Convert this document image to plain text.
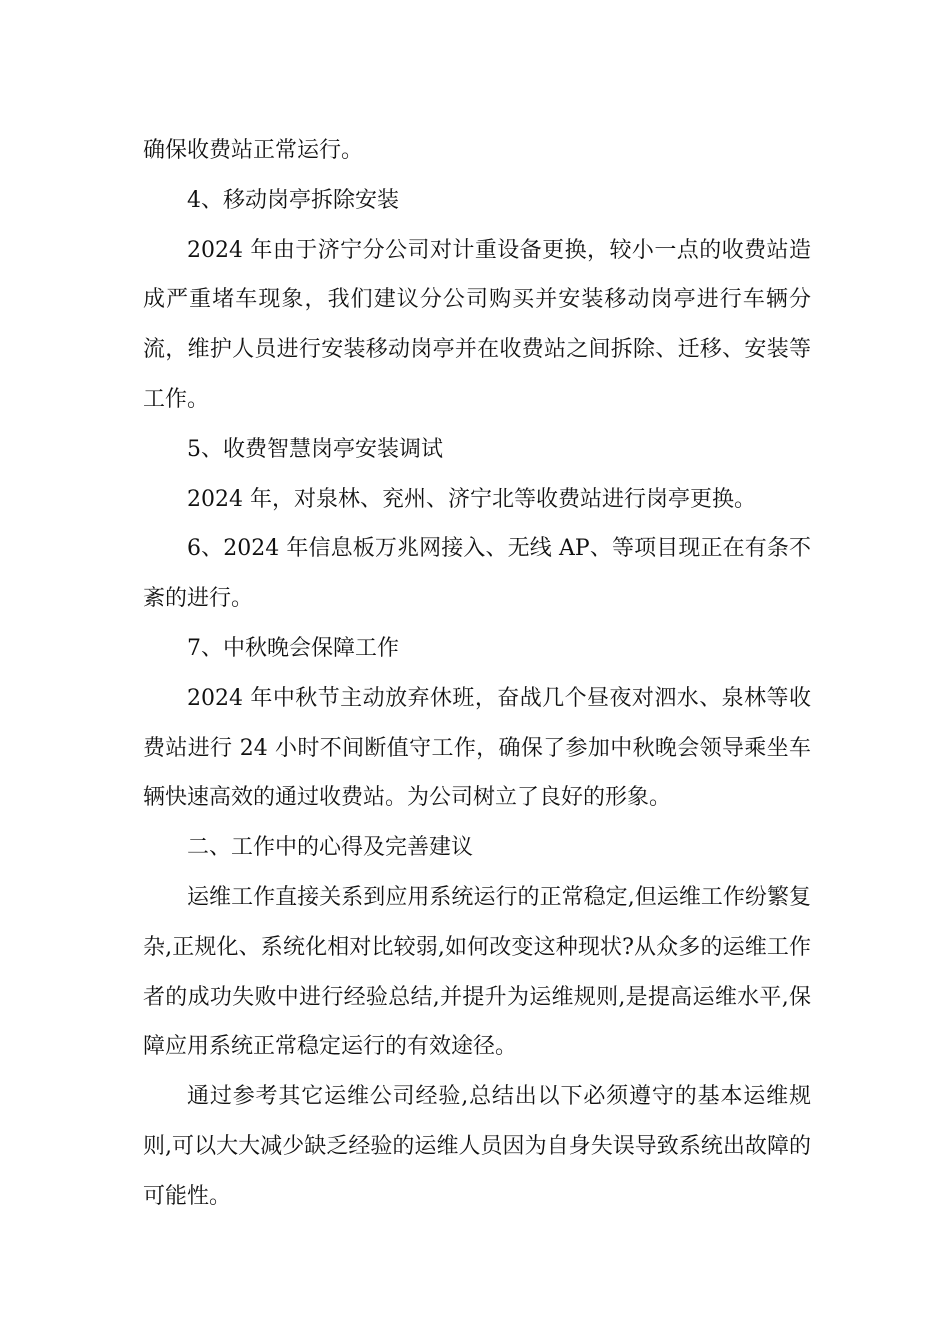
确保收费站正常运行。

4、移动岗亭拆除安装

2024 年由于济宁分公司对计重设备更换，较小一点的收费站造成严重堵车现象，我们建议分公司购买并安装移动岗亭进行车辆分流，维护人员进行安装移动岗亭并在收费站之间拆除、迁移、安装等工作。

5、收费智慧岗亭安装调试

2024 年，对泉林、兖州、济宁北等收费站进行岗亭更换。

6、2024 年信息板万兆网接入、无线 AP、等项目现正在有条不紊的进行。

7、中秋晚会保障工作

2024 年中秋节主动放弃休班，奋战几个昼夜对泗水、泉林等收费站进行 24 小时不间断值守工作，确保了参加中秋晚会领导乘坐车辆快速高效的通过收费站。为公司树立了良好的形象。

二、工作中的心得及完善建议

运维工作直接关系到应用系统运行的正常稳定,但运维工作纷繁复杂,正规化、系统化相对比较弱,如何改变这种现状?从众多的运维工作者的成功失败中进行经验总结,并提升为运维规则,是提高运维水平,保障应用系统正常稳定运行的有效途径。

通过参考其它运维公司经验,总结出以下必须遵守的基本运维规则,可以大大减少缺乏经验的运维人员因为自身失误导致系统出故障的可能性。
